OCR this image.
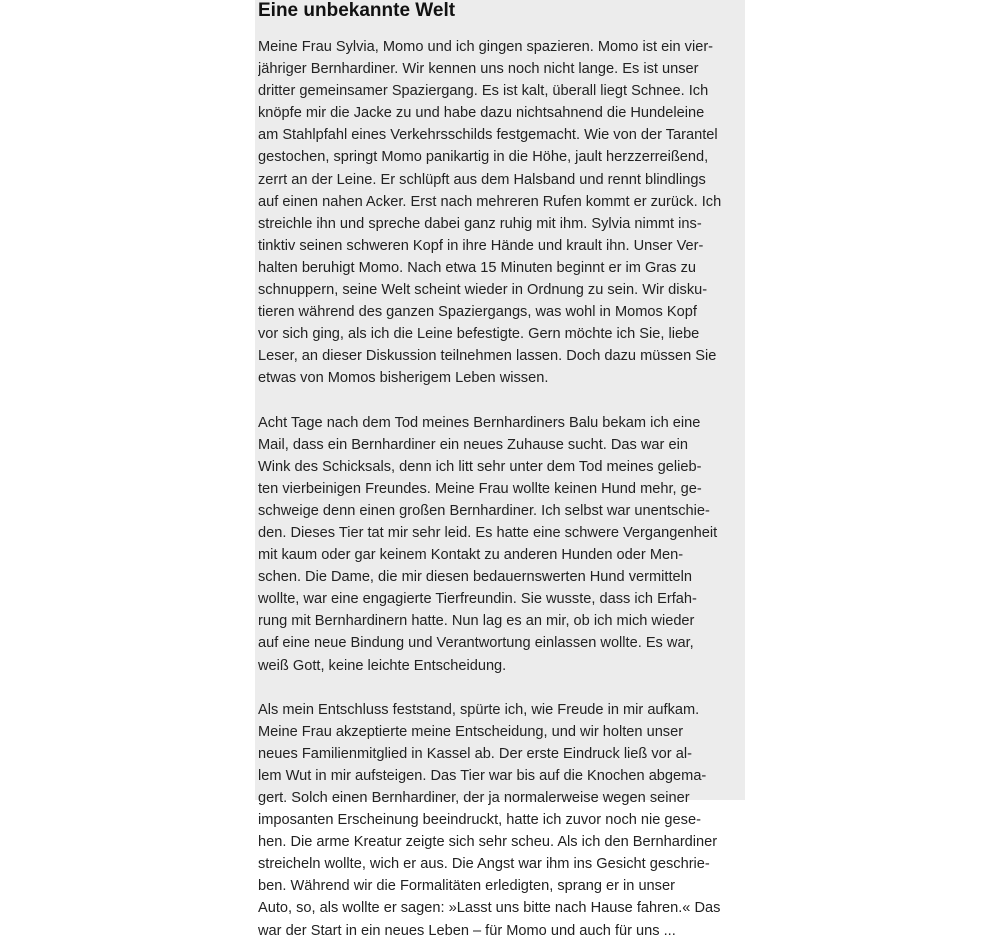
Eine unbekannte Welt
Meine Frau Sylvia, Momo und ich gingen spazieren. Momo ist ein vier-
jähriger Bernhardiner. Wir kennen uns noch nicht lange. Es ist unser
dritter gemeinsamer Spaziergang. Es ist kalt, überall liegt Schnee. Ich
knöpfe mir die Jacke zu und habe dazu nichtsahnend die Hundeleine
am Stahlpfahl eines Verkehrsschilds festgemacht. Wie von der Tarantel
gestochen, springt Momo panikartig in die Höhe, jault herzzerreißend,
zerrt an der Leine. Er schlüpft aus dem Halsband und rennt blindlings
auf einen nahen Acker. Erst nach mehreren Rufen kommt er zurück. Ich
streichle ihn und spreche dabei ganz ruhig mit ihm. Sylvia nimmt ins-
tinktiv seinen schweren Kopf in ihre Hände und krault ihn. Unser Ver-
halten beruhigt Momo. Nach etwa 15 Minuten beginnt er im Gras zu
schnuppern, seine Welt scheint wieder in Ordnung zu sein. Wir disku-
tieren während des ganzen Spaziergangs, was wohl in Momos Kopf
vor sich ging, als ich die Leine befestigte. Gern möchte ich Sie, liebe
Leser, an dieser Diskussion teilnehmen lassen. Doch dazu müssen Sie
etwas von Momos bisherigem Leben wissen.
Acht Tage nach dem Tod meines Bernhardiners Balu bekam ich eine
Mail, dass ein Bernhardiner ein neues Zuhause sucht. Das war ein
Wink des Schicksals, denn ich litt sehr unter dem Tod meines gelieb-
ten vierbeinigen Freundes. Meine Frau wollte keinen Hund mehr, ge-
schweige denn einen großen Bernhardiner. Ich selbst war unentschie-
den. Dieses Tier tat mir sehr leid. Es hatte eine schwere Vergangenheit
mit kaum oder gar keinem Kontakt zu anderen Hunden oder Men-
schen. Die Dame, die mir diesen bedauernswerten Hund vermitteln
wollte, war eine engagierte Tierfreundin. Sie wusste, dass ich Erfah-
rung mit Bernhardinern hatte. Nun lag es an mir, ob ich mich wieder
auf eine neue Bindung und Verantwortung einlassen wollte. Es war,
weiß Gott, keine leichte Entscheidung.
Als mein Entschluss feststand, spürte ich, wie Freude in mir aufkam.
Meine Frau akzeptierte meine Entscheidung, und wir holten unser
neues Familienmitglied in Kassel ab. Der erste Eindruck ließ vor al-
lem Wut in mir aufsteigen. Das Tier war bis auf die Knochen abgema-
gert. Solch einen Bernhardiner, der ja normalerweise wegen seiner
imposanten Erscheinung beeindruckt, hatte ich zuvor noch nie gese-
hen. Die arme Kreatur zeigte sich sehr scheu. Als ich den Bernhardiner
streicheln wollte, wich er aus. Die Angst war ihm ins Gesicht geschrie-
ben. Während wir die Formalitäten erledigten, sprang er in unser
Auto, so, als wollte er sagen: »Lasst uns bitte nach Hause fahren.« Das
war der Start in ein neues Leben – für Momo und auch für uns ...
